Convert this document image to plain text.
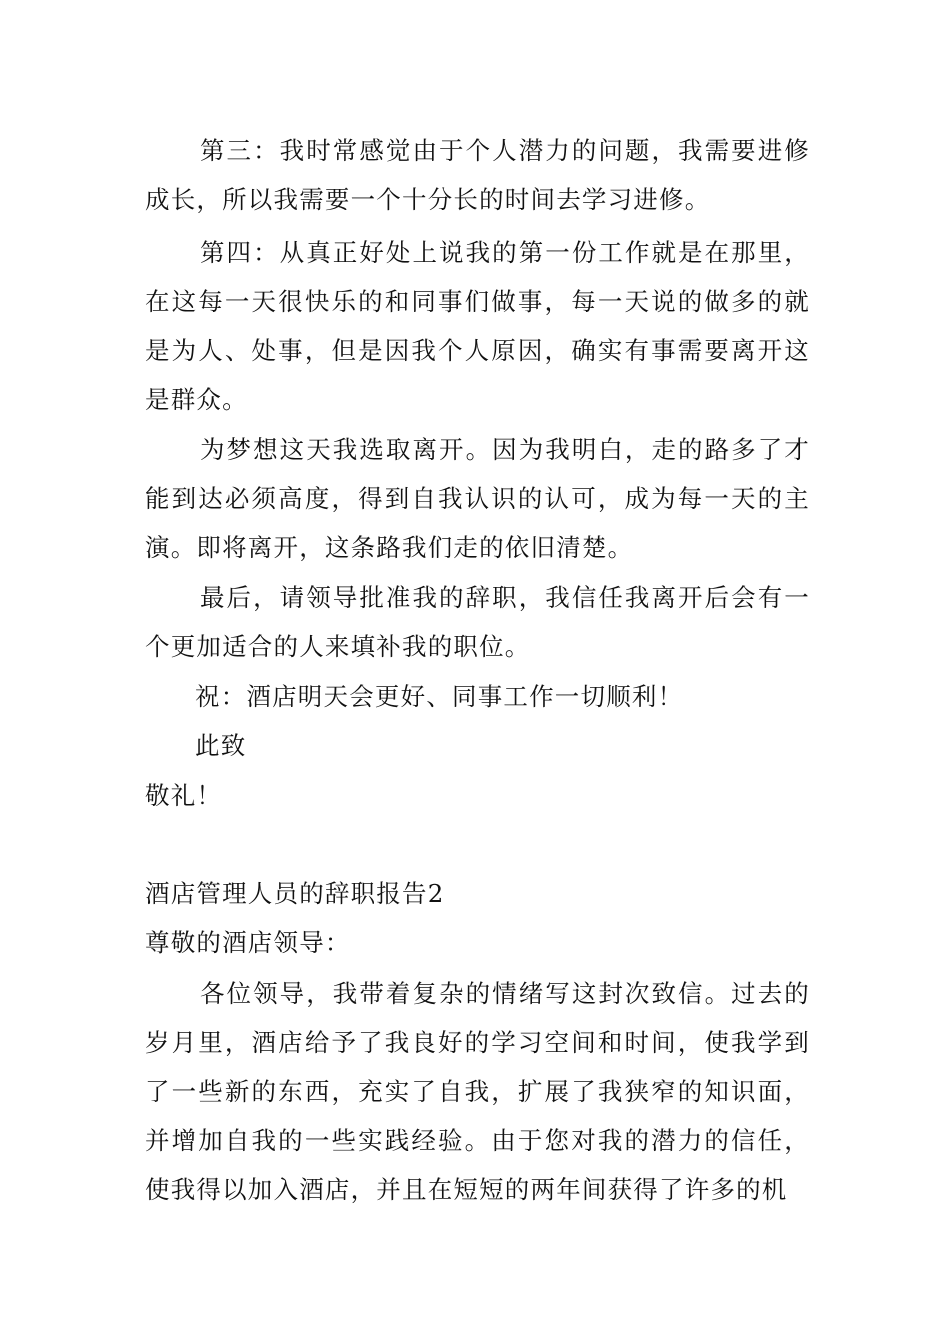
第三：我时常感觉由于个人潜力的问题，我需要进修成长，所以我需要一个十分长的时间去学习进修。

第四：从真正好处上说我的第一份工作就是在那里，在这每一天很快乐的和同事们做事，每一天说的做多的就是为人、处事，但是因我个人原因，确实有事需要离开这是群众。

为梦想这天我选取离开。因为我明白，走的路多了才能到达必须高度，得到自我认识的认可，成为每一天的主演。即将离开，这条路我们走的依旧清楚。

最后，请领导批准我的辞职，我信任我离开后会有一个更加适合的人来填补我的职位。

祝：酒店明天会更好、同事工作一切顺利！

此致

敬礼！

酒店管理人员的辞职报告2

尊敬的酒店领导：

各位领导，我带着复杂的情绪写这封次致信。过去的岁月里，酒店给予了我良好的学习空间和时间，使我学到了一些新的东西，充实了自我，扩展了我狭窄的知识面，并增加自我的一些实践经验。由于您对我的潜力的信任，使我得以加入酒店，并且在短短的两年间获得了许多的机
